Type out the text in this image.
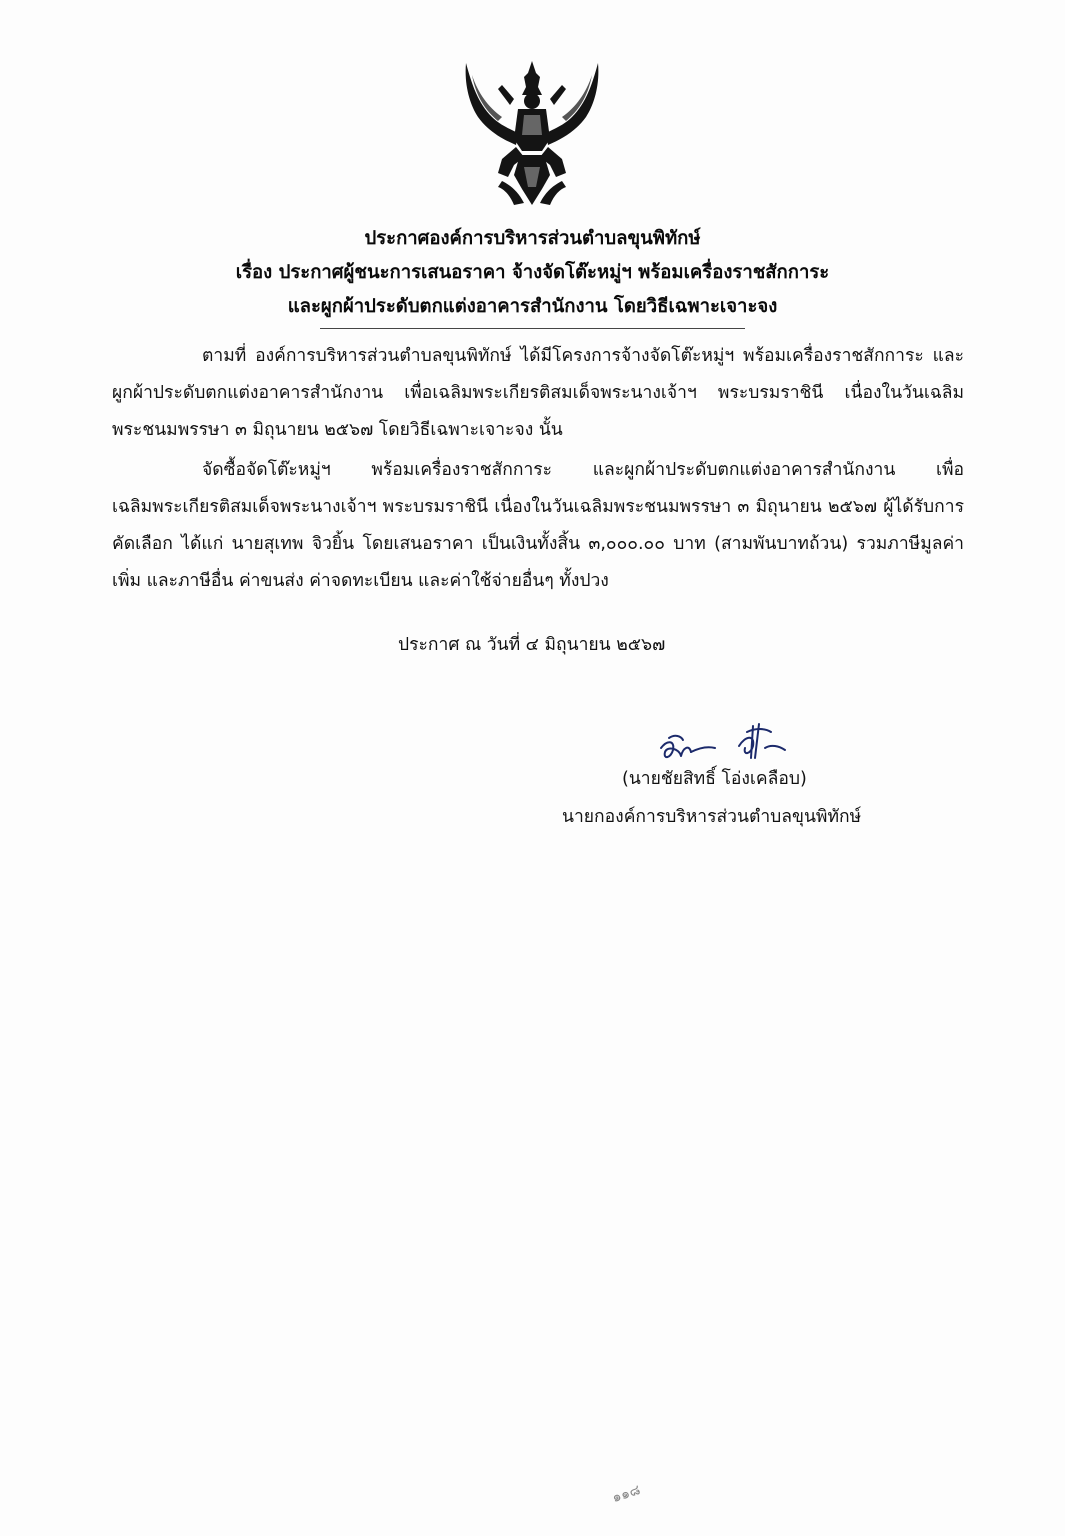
ประกาศองค์การบริหารส่วนตำบลขุนพิทักษ์
เรื่อง ประกาศผู้ชนะการเสนอราคา จ้างจัดโต๊ะหมู่ฯ พร้อมเครื่องราชสักการะ
และผูกผ้าประดับตกแต่งอาคารสำนักงาน โดยวิธีเฉพาะเจาะจง
ตามที่ องค์การบริหารส่วนตำบลขุนพิทักษ์ ได้มีโครงการจ้างจัดโต๊ะหมู่ฯ พร้อมเครื่องราชสักการะ และผูกผ้าประดับตกแต่งอาคารสำนักงาน เพื่อเฉลิมพระเกียรติสมเด็จพระนางเจ้าฯ พระบรมราชินี เนื่องในวันเฉลิมพระชนมพรรษา ๓ มิถุนายน ๒๕๖๗ โดยวิธีเฉพาะเจาะจง นั้น
จัดซื้อจัดโต๊ะหมู่ฯ พร้อมเครื่องราชสักการะ และผูกผ้าประดับตกแต่งอาคารสำนักงาน เพื่อเฉลิมพระเกียรติสมเด็จพระนางเจ้าฯ พระบรมราชินี เนื่องในวันเฉลิมพระชนมพรรษา ๓ มิถุนายน ๒๕๖๗ ผู้ได้รับการคัดเลือก ได้แก่ นายสุเทพ จิวยิ้น โดยเสนอราคา เป็นเงินทั้งสิ้น ๓,๐๐๐.๐๐ บาท (สามพันบาทถ้วน) รวมภาษีมูลค่าเพิ่ม และภาษีอื่น ค่าขนส่ง ค่าจดทะเบียน และค่าใช้จ่ายอื่นๆ ทั้งปวง
ประกาศ ณ วันที่ ๔ มิถุนายน ๒๕๖๗
(นายชัยสิทธิ์ โอ่งเคลือบ)
นายกองค์การบริหารส่วนตำบลขุนพิทักษ์
๑๑๘
